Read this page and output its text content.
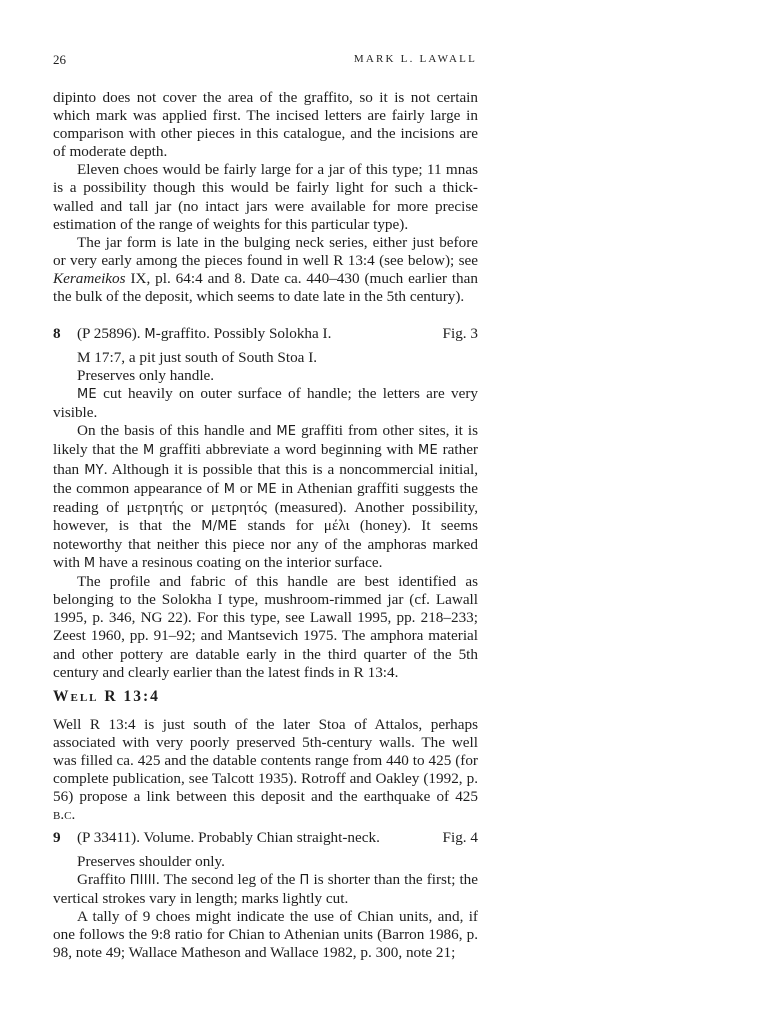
26	MARK L. LAWALL

dipinto does not cover the area of the graffito, so it is not certain which mark was applied first. The incised letters are fairly large in comparison with other pieces in this catalogue, and the incisions are of moderate depth.

Eleven choes would be fairly large for a jar of this type; 11 mnas is a possibility though this would be fairly light for such a thick-walled and tall jar (no intact jars were available for more precise estimation of the range of weights for this particular type).

The jar form is late in the bulging neck series, either just before or very early among the pieces found in well R 13:4 (see below); see Kerameikos IX, pl. 64:4 and 8. Date ca. 440–430 (much earlier than the bulk of the deposit, which seems to date late in the 5th century).

8 (P 25896). M-graffito. Possibly Solokha I.	Fig. 3

M 17:7, a pit just south of South Stoa I.

Preserves only handle.

ME cut heavily on outer surface of handle; the letters are very visible.

On the basis of this handle and ME graffiti from other sites, it is likely that the M graffiti abbreviate a word beginning with ME rather than MY. Although it is possible that this is a noncommercial initial, the common appearance of M or ME in Athenian graffiti suggests the reading of μετρητής or μετρητός (measured). Another possibility, however, is that the M/ME stands for μέλι (honey). It seems noteworthy that neither this piece nor any of the amphoras marked with M have a resinous coating on the interior surface.

The profile and fabric of this handle are best identified as belonging to the Solokha I type, mushroom-rimmed jar (cf. Lawall 1995, p. 346, NG 22). For this type, see Lawall 1995, pp. 218–233; Zeest 1960, pp. 91–92; and Mantsevich 1975. The amphora material and other pottery are datable early in the third quarter of the 5th century and clearly earlier than the latest finds in R 13:4.

Well R 13:4

Well R 13:4 is just south of the later Stoa of Attalos, perhaps associated with very poorly preserved 5th-century walls. The well was filled ca. 425 and the datable contents range from 440 to 425 (for complete publication, see Talcott 1935). Rotroff and Oakley (1992, p. 56) propose a link between this deposit and the earthquake of 425 b.c.

9 (P 33411). Volume. Probably Chian straight-neck.	Fig. 4

Preserves shoulder only.

Graffito ΠΙΙΙΙ. The second leg of the Π is shorter than the first; the vertical strokes vary in length; marks lightly cut.

A tally of 9 choes might indicate the use of Chian units, and, if one follows the 9:8 ratio for Chian to Athenian units (Barron 1986, p. 98, note 49; Wallace Matheson and Wallace 1982, p. 300, note 21;
